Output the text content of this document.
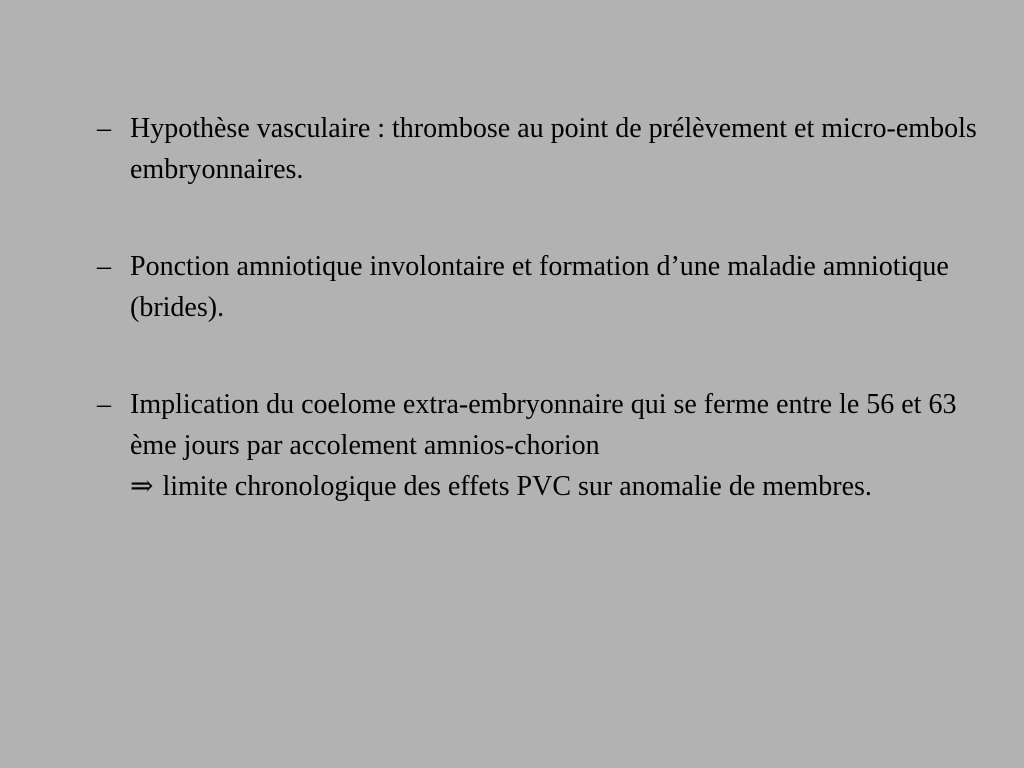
– Hypothèse vasculaire : thrombose au point de prélèvement et micro-embols embryonnaires.
– Ponction amniotique involontaire et formation d’une maladie amniotique (brides).
– Implication du coelome extra-embryonnaire qui se ferme entre le 56 et 63 ème jours par accolement amnios-chorion
⇒ limite chronologique des effets PVC sur anomalie de membres.
